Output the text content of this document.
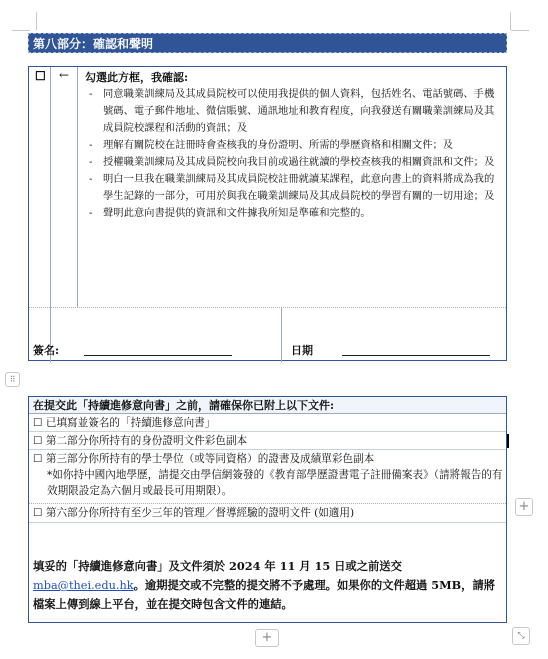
第八部分：確認和聲明
☐ ← 勾選此方框，我確認:

- 同意職業訓練局及其成員院校可以使用我提供的個人資料，包括姓名、電話號碼、手機號碼、電子郵件地址、微信賬號、通訊地址和教育程度，向我發送有關職業訓練局及其成員院校課程和活動的資訊；及

- 理解有關院校在註冊時會查核我的身份證明、所需的學歷資格和相關文件；及

- 授權職業訓練局及其成員院校向我目前或過往就讀的學校查核我的相關資訊和文件；及

- 明白一旦我在職業訓練局及其成員院校註冊就讀某課程，此意向書上的資料將成為我的學生記錄的一部分，可用於與我在職業訓練局及其成員院校的學習有關的一切用途；及

- 聲明此意向書提供的資訊和文件據我所知是準確和完整的。

簽名:	日期
⠿
在提交此「持續進修意向書」之前，請確保你已附上以下文件:
☐ 已填寫並簽名的「持續進修意向書」
☐ 第二部分你所持有的身份證明文件彩色副本
☐ 第三部分你所持有的學士學位（或等同資格）的證書及成績單彩色副本
*如你持中國內地學歷，請提交由學信網簽發的《教育部學歷證書電子註冊備案表》（請將報告的有效期限設定為六個月或最長可用期限）。
☐ 第六部分你所持有至少三年的管理／督導經驗的證明文件 (如適用)
填妥的「持續進修意向書」及文件須於 2024 年 11 月 15 日或之前送交
mba@thei.edu.hk。逾期提交或不完整的提交將不予處理。如果你的文件超過 5MB，請將檔案上傳到線上平台，並在提交時包含文件的連結。
+
+	⤡
